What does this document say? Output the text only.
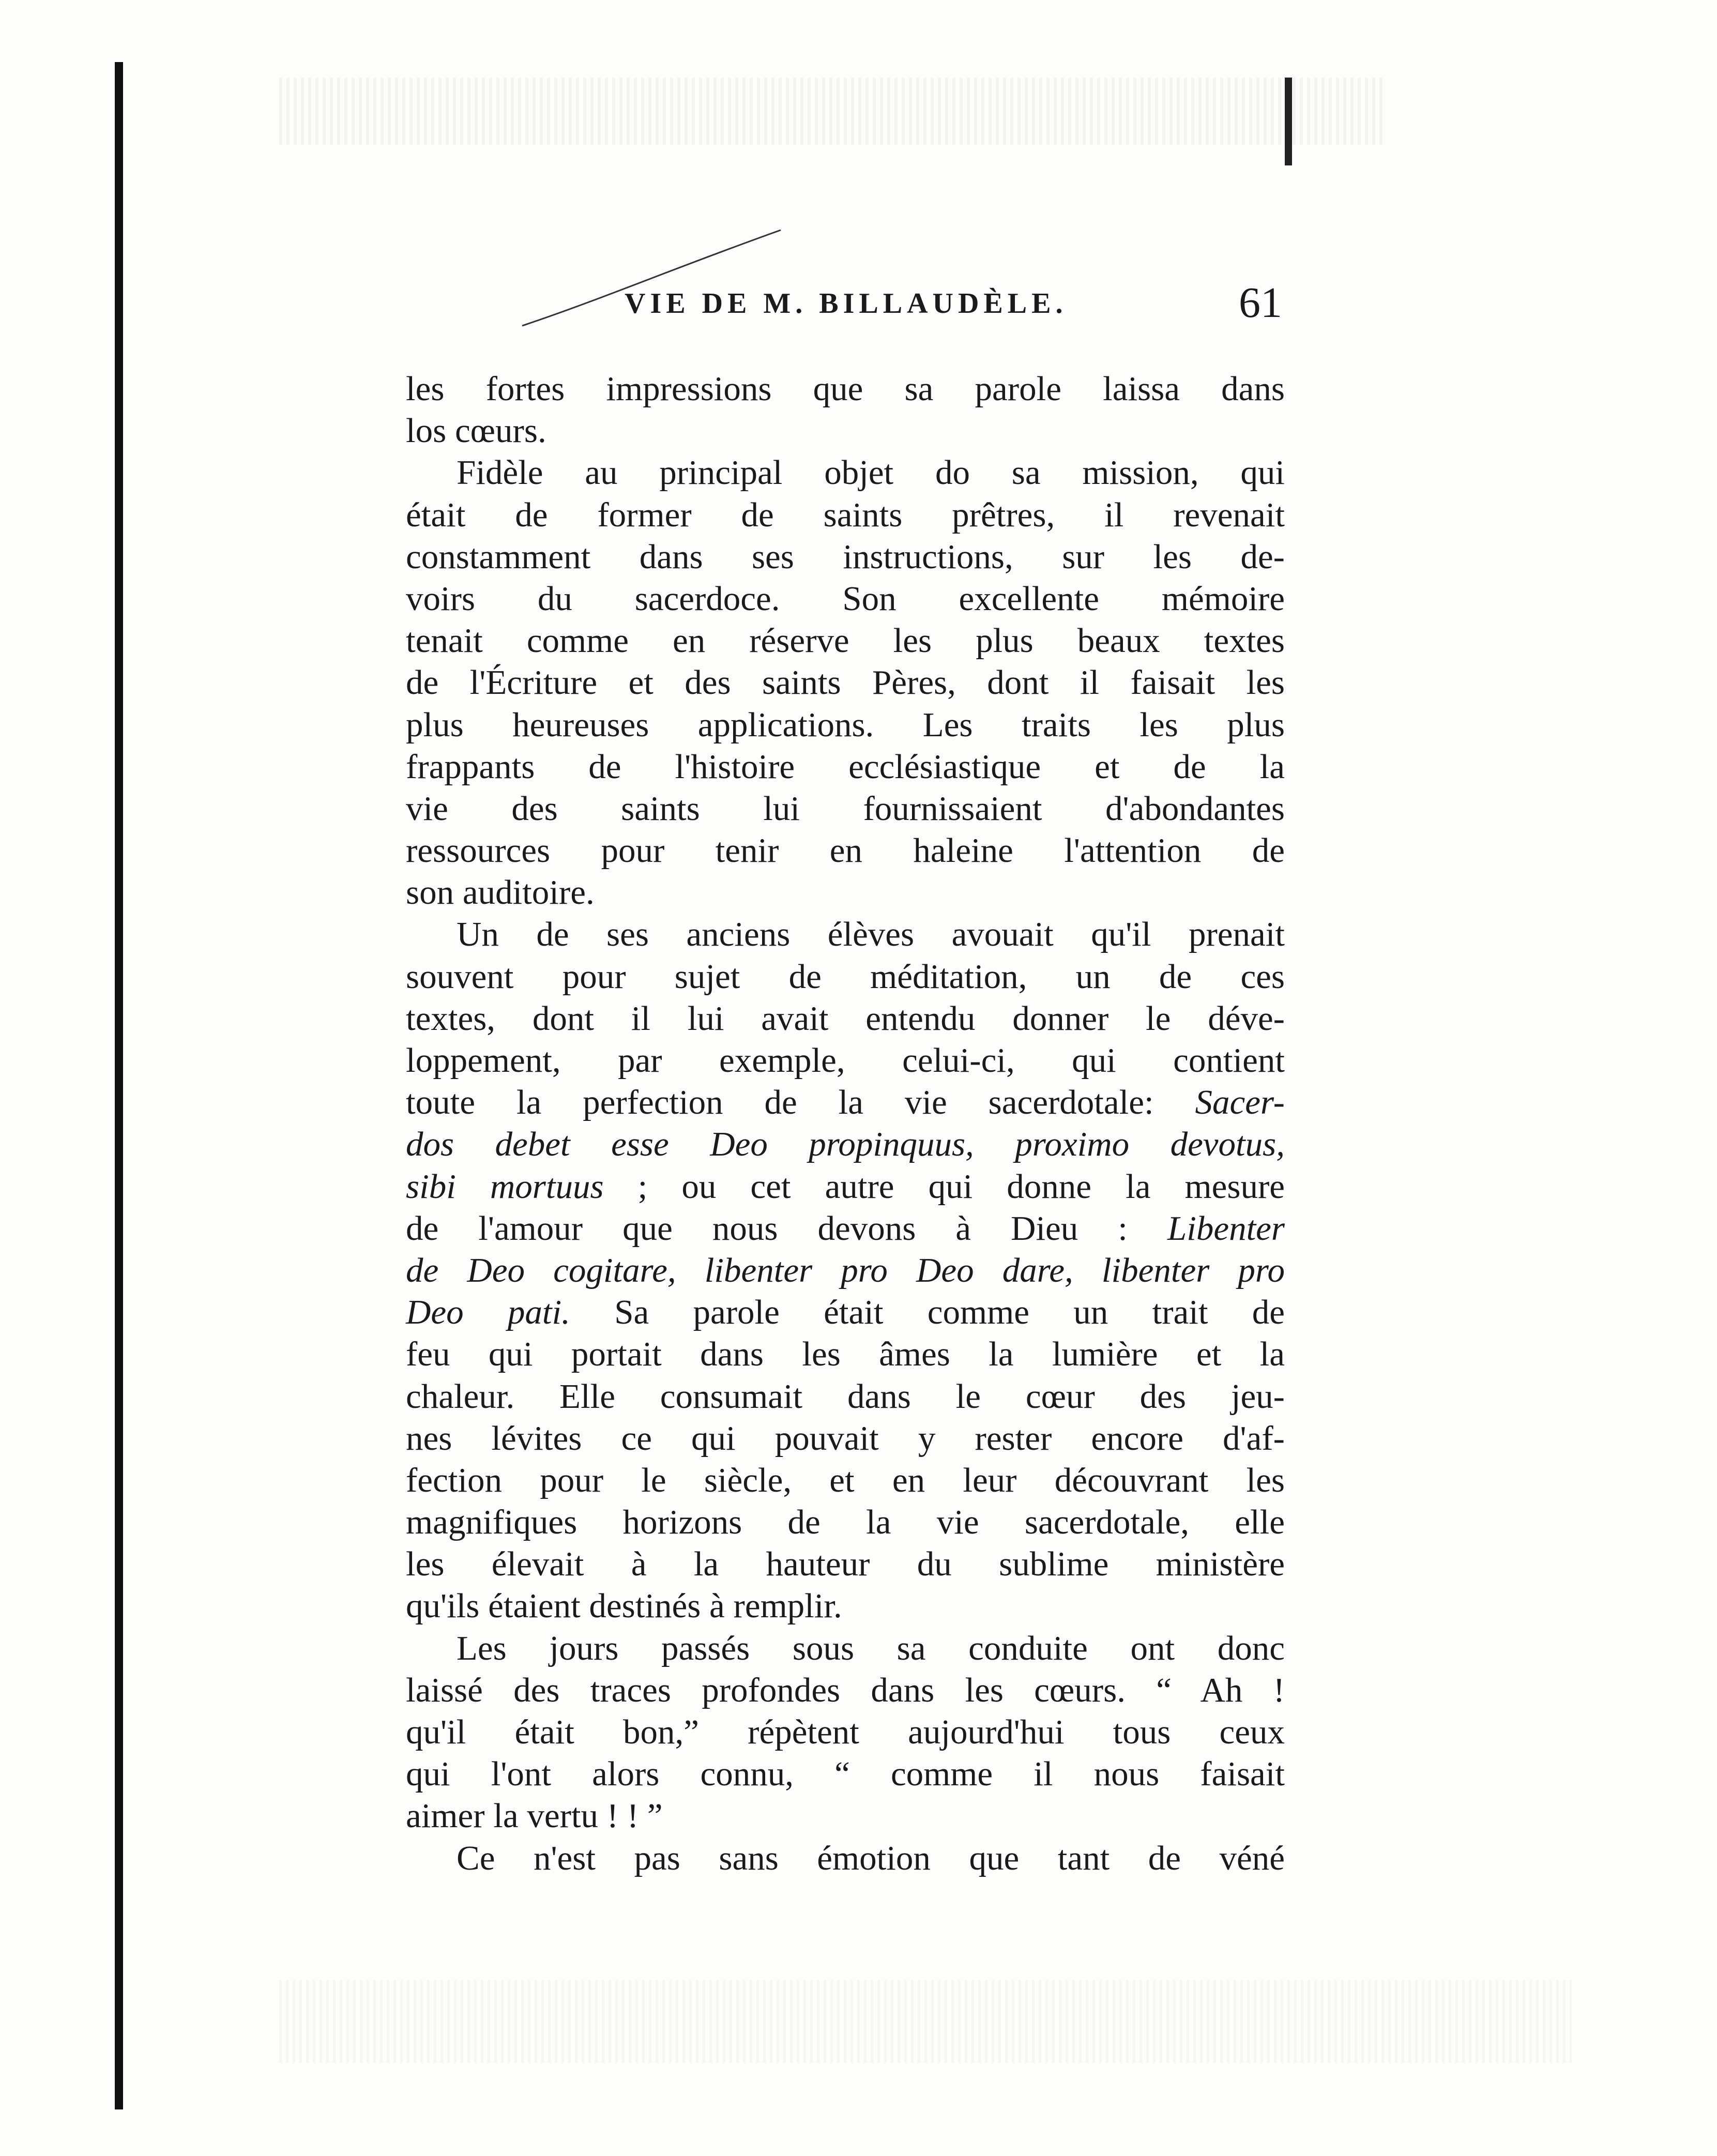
VIE DE M. BILLAUDÈLE.	61
les fortes impressions que sa parole laissa dans
los cœurs.
Fidèle au principal objet do sa mission, qui
était de former de saints prêtres, il revenait
constamment dans ses instructions, sur les de-
voirs du sacerdoce. Son excellente mémoire
tenait comme en réserve les plus beaux textes
de l'Écriture et des saints Pères, dont il faisait les
plus heureuses applications. Les traits les plus
frappants de l'histoire ecclésiastique et de la
vie des saints lui fournissaient d'abondantes
ressources pour tenir en haleine l'attention de
son auditoire.
Un de ses anciens élèves avouait qu'il prenait
souvent pour sujet de méditation, un de ces
textes, dont il lui avait entendu donner le déve-
loppement, par exemple, celui-ci, qui contient
toute la perfection de la vie sacerdotale: Sacer-
dos debet esse Deo propinquus, proximo devotus,
sibi mortuus ; ou cet autre qui donne la mesure
de l'amour que nous devons à Dieu : Libenter
de Deo cogitare, libenter pro Deo dare, libenter pro
Deo pati. Sa parole était comme un trait de
feu qui portait dans les âmes la lumière et la
chaleur. Elle consumait dans le cœur des jeu-
nes lévites ce qui pouvait y rester encore d'af-
fection pour le siècle, et en leur découvrant les
magnifiques horizons de la vie sacerdotale, elle
les élevait à la hauteur du sublime ministère
qu'ils étaient destinés à remplir.
Les jours passés sous sa conduite ont donc
laissé des traces profondes dans les cœurs. “ Ah !
qu'il était bon,” répètent aujourd'hui tous ceux
qui l'ont alors connu, “ comme il nous faisait
aimer la vertu ! ! ”
Ce n'est pas sans émotion que tant de véné
